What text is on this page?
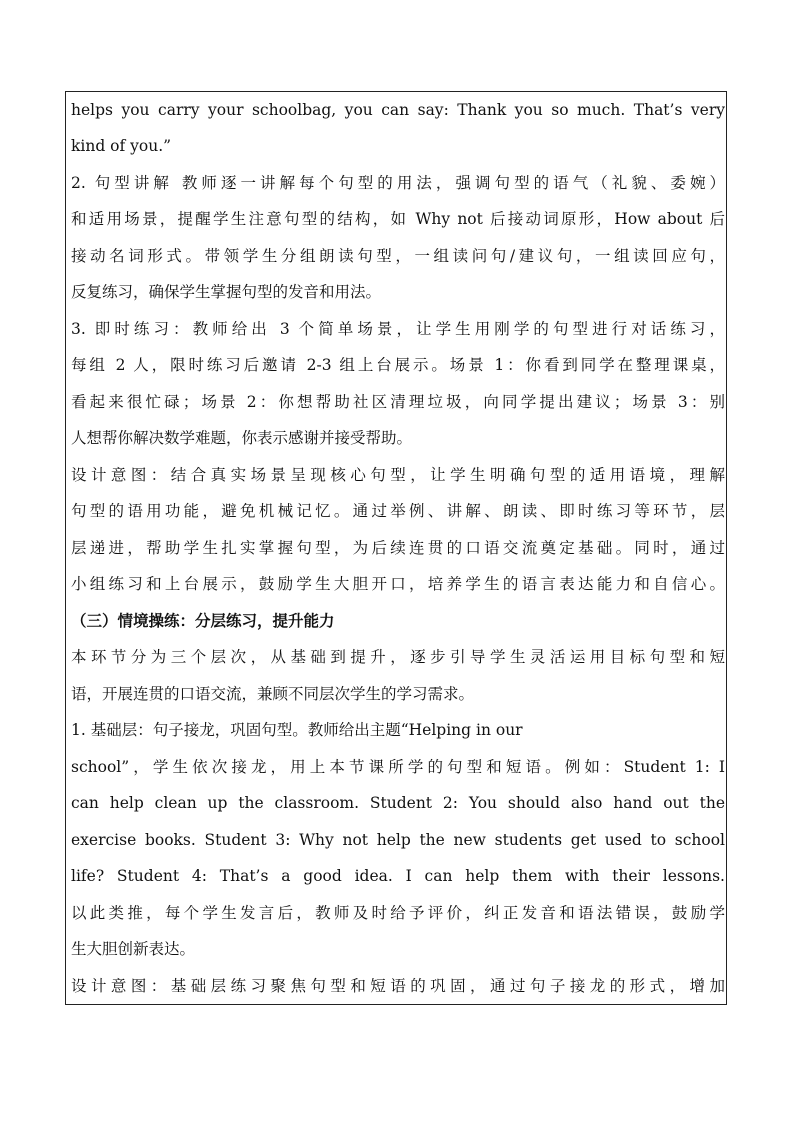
helps you carry your schoolbag, you can say: Thank you so much. That’s very
kind of you.”
2. 句型讲解 教师逐一讲解每个句型的用法，强调句型的语气（礼貌、委婉）
和适用场景，提醒学生注意句型的结构，如 Why not 后接动词原形，How about 后
接动名词形式。带领学生分组朗读句型，一组读问句/建议句，一组读回应句，
反复练习，确保学生掌握句型的发音和用法。
3. 即时练习：教师给出 3 个简单场景，让学生用刚学的句型进行对话练习，
每组 2 人，限时练习后邀请 2-3 组上台展示。场景 1：你看到同学在整理课桌，
看起来很忙碌；场景 2：你想帮助社区清理垃圾，向同学提出建议；场景 3：别
人想帮你解决数学难题，你表示感谢并接受帮助。
设计意图：结合真实场景呈现核心句型，让学生明确句型的适用语境，理解
句型的语用功能，避免机械记忆。通过举例、讲解、朗读、即时练习等环节，层
层递进，帮助学生扎实掌握句型，为后续连贯的口语交流奠定基础。同时，通过
小组练习和上台展示，鼓励学生大胆开口，培养学生的语言表达能力和自信心。
（三）情境操练：分层练习，提升能力
本环节分为三个层次，从基础到提升，逐步引导学生灵活运用目标句型和短
语，开展连贯的口语交流，兼顾不同层次学生的学习需求。
1. 基础层：句子接龙，巩固句型。教师给出主题“Helping in our
school”，学生依次接龙，用上本节课所学的句型和短语。例如：Student 1: I
can help clean up the classroom. Student 2: You should also hand out the
exercise books. Student 3: Why not help the new students get used to school
life? Student 4: That’s a good idea. I can help them with their lessons.
以此类推，每个学生发言后，教师及时给予评价，纠正发音和语法错误，鼓励学
生大胆创新表达。
设计意图：基础层练习聚焦句型和短语的巩固，通过句子接龙的形式，增加
